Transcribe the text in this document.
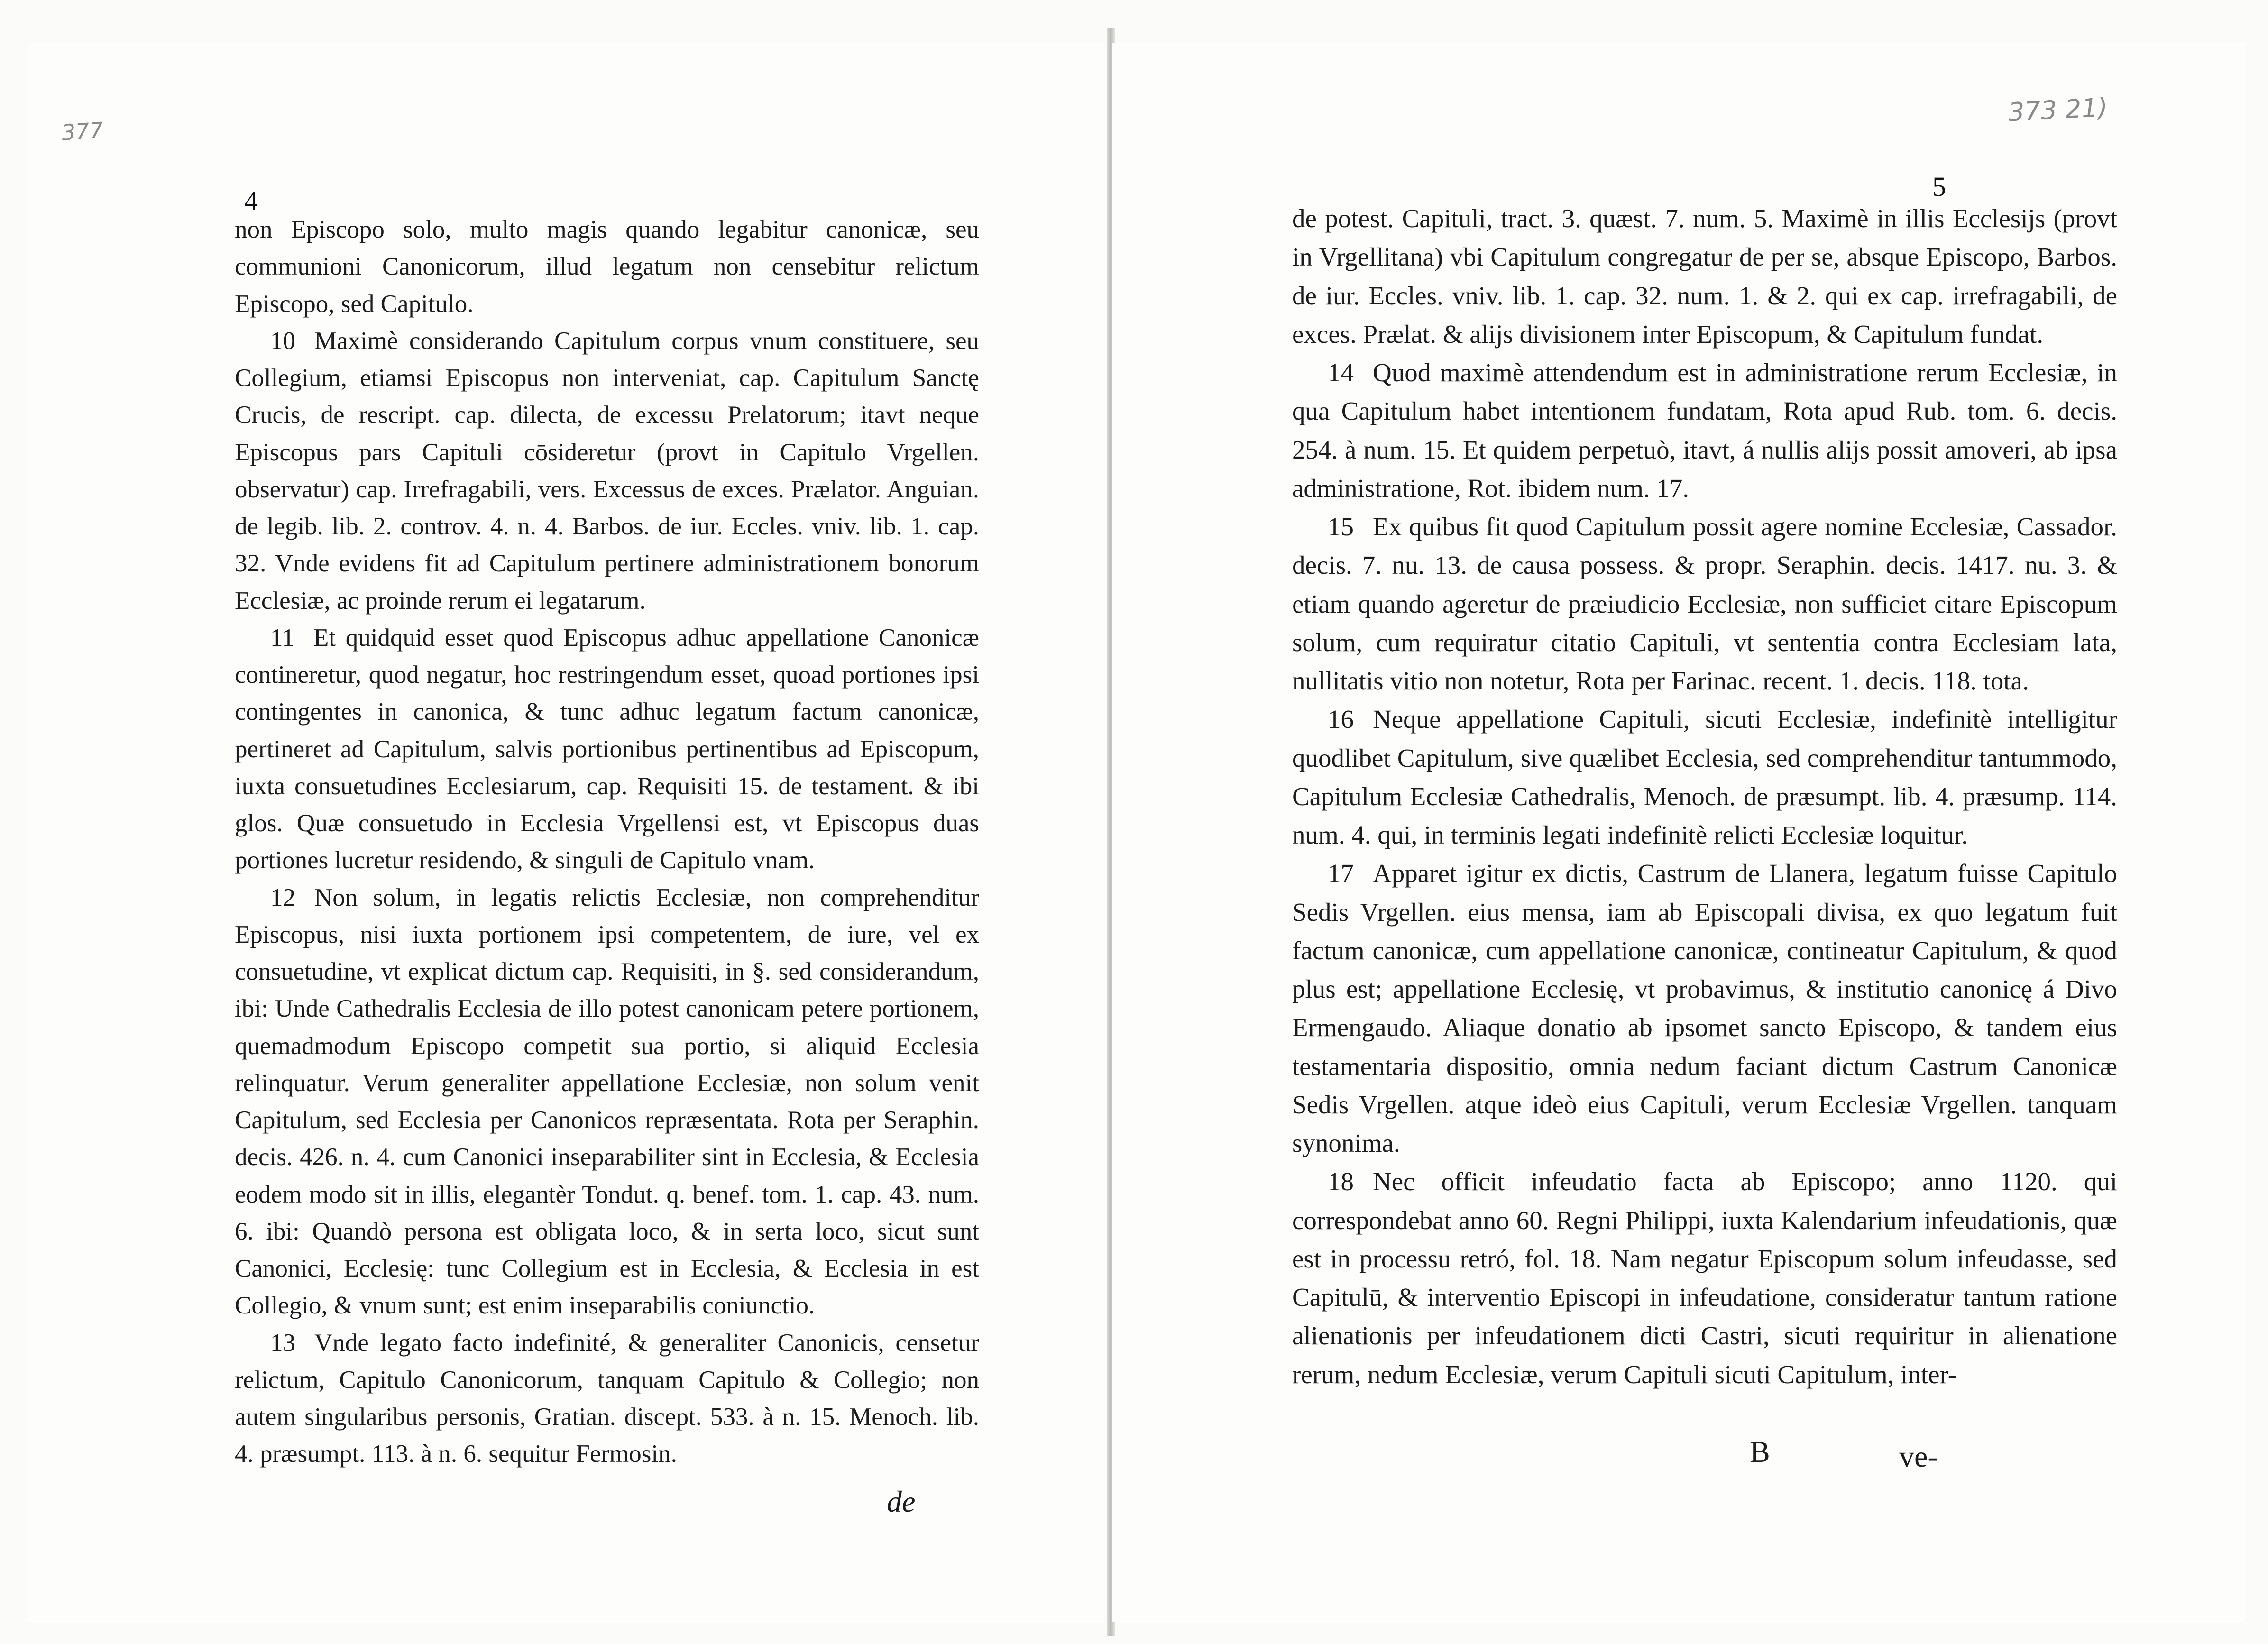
377
4

non Episcopo solo, multo magis quando legabitur canonicæ, seu communioni Canonicorum, illud legatum non censebitur relictum Episcopo, sed Capitulo.

10 Maximè considerando Capitulum corpus vnum constituere, seu Collegium, etiamsi Episcopus non interveniat, cap. Capitulum Sanctę Crucis, de rescript. cap. dilecta, de excessu Prelatorum; itavt neque Episcopus pars Capituli cōsideretur (provt in Capitulo Vrgellen. observatur) cap. Irrefragabili, vers. Excessus de exces. Prælator. Anguian. de legib. lib. 2. controv. 4. n. 4. Barbos. de iur. Eccles. vniv. lib. 1. cap. 32. Vnde evidens fit ad Capitulum pertinere administrationem bonorum Ecclesiæ, ac proinde rerum ei legatarum.

11 Et quidquid esset quod Episcopus adhuc appellatione Canonicæ contineretur, quod negatur, hoc restringendum esset, quoad portiones ipsi contingentes in canonica, & tunc adhuc legatum factum canonicæ, pertineret ad Capitulum, salvis portionibus pertinentibus ad Episcopum, iuxta consuetudines Ecclesiarum, cap. Requisiti 15. de testament. & ibi glos. Quæ consuetudo in Ecclesia Vrgellensi est, vt Episcopus duas portiones lucretur residendo, & singuli de Capitulo vnam.

12 Non solum, in legatis relictis Ecclesiæ, non comprehenditur Episcopus, nisi iuxta portionem ipsi competentem, de iure, vel ex consuetudine, vt explicat dictum cap. Requisiti, in §. sed considerandum, ibi: Unde Cathedralis Ecclesia de illo potest canonicam petere portionem, quemadmodum Episcopo competit sua portio, si aliquid Ecclesia relinquatur. Verum generaliter appellatione Ecclesiæ, non solum venit Capitulum, sed Ecclesia per Canonicos repræsentata. Rota per Seraphin. decis. 426. n. 4. cum Canonici inseparabiliter sint in Ecclesia, & Ecclesia eodem modo sit in illis, elegantèr Tondut. q. benef. tom. 1. cap. 43. num. 6. ibi: Quandò persona est obligata loco, & in serta loco, sicut sunt Canonici, Ecclesię: tunc Collegium est in Ecclesia, & Ecclesia in est Collegio, & vnum sunt; est enim inseparabilis coniunctio.

13 Vnde legato facto indefinité, & generaliter Canonicis, censetur relictum, Capitulo Canonicorum, tanquam Capitulo & Collegio; non autem singularibus personis, Gratian. discept. 533. à n. 15. Menoch. lib. 4. præsumpt. 113. à n. 6. sequitur Fermosin.

de
373 21)
5

de potest. Capituli, tract. 3. quæst. 7. num. 5. Maximè in illis Ecclesijs (provt in Vrgellitana) vbi Capitulum congregatur de per se, absque Episcopo, Barbos. de iur. Eccles. vniv. lib. 1. cap. 32. num. 1. & 2. qui ex cap. irrefragabili, de exces. Prælat. & alijs divisionem inter Episcopum, & Capitulum fundat.

14 Quod maximè attendendum est in administratione rerum Ecclesiæ, in qua Capitulum habet intentionem fundatam, Rota apud Rub. tom. 6. decis. 254. à num. 15. Et quidem perpetuò, itavt, á nullis alijs possit amoveri, ab ipsa administratione, Rot. ibidem num. 17.

15 Ex quibus fit quod Capitulum possit agere nomine Ecclesiæ, Cassador. decis. 7. nu. 13. de causa possess. & propr. Seraphin. decis. 1417. nu. 3. & etiam quando ageretur de præiudicio Ecclesiæ, non sufficiet citare Episcopum solum, cum requiratur citatio Capituli, vt sententia contra Ecclesiam lata, nullitatis vitio non notetur, Rota per Farinac. recent. 1. decis. 118. tota.

16 Neque appellatione Capituli, sicuti Ecclesiæ, indefinitè intelligitur quodlibet Capitulum, sive quælibet Ecclesia, sed comprehenditur tantummodo, Capitulum Ecclesiæ Cathedralis, Menoch. de præsumpt. lib. 4. præsump. 114. num. 4. qui, in terminis legati indefinitè relicti Ecclesiæ loquitur.

17 Apparet igitur ex dictis, Castrum de Llanera, legatum fuisse Capitulo Sedis Vrgellen. eius mensa, iam ab Episcopali divisa, ex quo legatum fuit factum canonicæ, cum appellatione canonicæ, contineatur Capitulum, & quod plus est; appellatione Ecclesię, vt probavimus, & institutio canonicę á Divo Ermengaudo. Aliaque donatio ab ipsomet sancto Episcopo, & tandem eius testamentaria dispositio, omnia nedum faciant dictum Castrum Canonicæ Sedis Vrgellen. atque ideò eius Capituli, verum Ecclesiæ Vrgellen. tanquam synonima.

18 Nec officit infeudatio facta ab Episcopo; anno 1120. qui correspondebat anno 60. Regni Philippi, iuxta Kalendarium infeudationis, quæ est in processu retró, fol. 18. Nam negatur Episcopum solum infeudasse, sed Capitulū, & interventio Episcopi in infeudatione, consideratur tantum ratione alienationis per infeudationem dicti Castri, sicuti requiritur in alienatione rerum, nedum Ecclesiæ, verum Capituli sicuti Capitulum, inter-

B	ve-
